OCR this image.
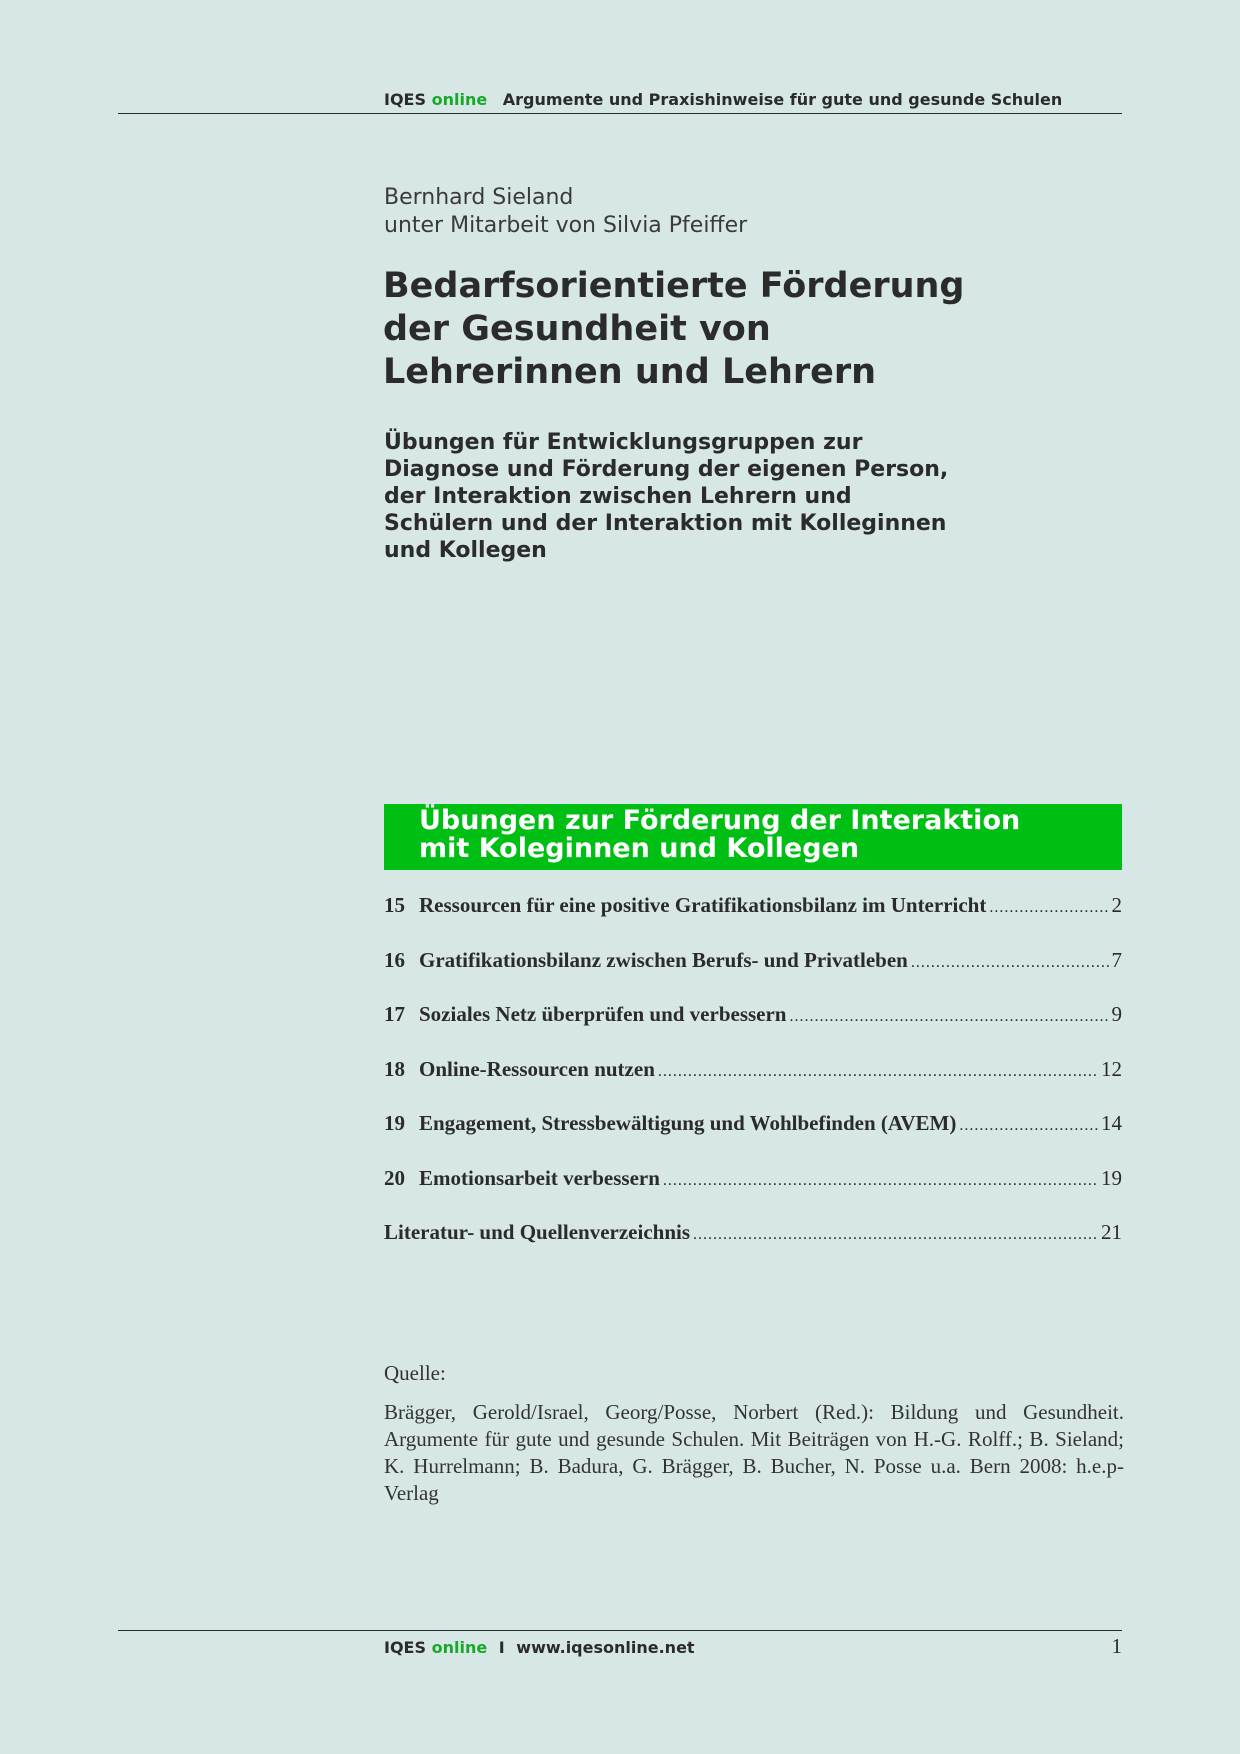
IQES online Argumente und Praxishinweise für gute und gesunde Schulen
Bernhard Sieland
unter Mitarbeit von Silvia Pfeiffer
Bedarfsorientierte Förderung der Gesundheit von Lehrerinnen und Lehrern
Übungen für Entwicklungsgruppen zur Diagnose und Förderung der eigenen Person, der Interaktion zwischen Lehrern und Schülern und der Interaktion mit Kolleginnen und Kollegen
Übungen zur Förderung der Interaktion
mit Koleginnen und Kollegen
15 Ressourcen für eine positive Gratifikationsbilanz im Unterricht .....	2
16 Gratifikationsbilanz zwischen Berufs- und Privatleben .....	7
17 Soziales Netz überprüfen und verbessern .....	9
18 Online-Ressourcen nutzen .....	12
19 Engagement, Stressbewältigung und Wohlbefinden (AVEM) .....	14
20 Emotionsarbeit verbessern .....	19
Literatur- und Quellenverzeichnis .....	21
Quelle:
Brägger, Gerold/Israel, Georg/Posse, Norbert (Red.): Bildung und Gesundheit. Argumente für gute und gesunde Schulen. Mit Beiträgen von H.-G. Rolff.; B. Sieland; K. Hurrelmann; B. Badura, G. Brägger, B. Bucher, N. Posse u.a. Bern 2008: h.e.p- Verlag
IQES online I www.iqesonline.net	1
